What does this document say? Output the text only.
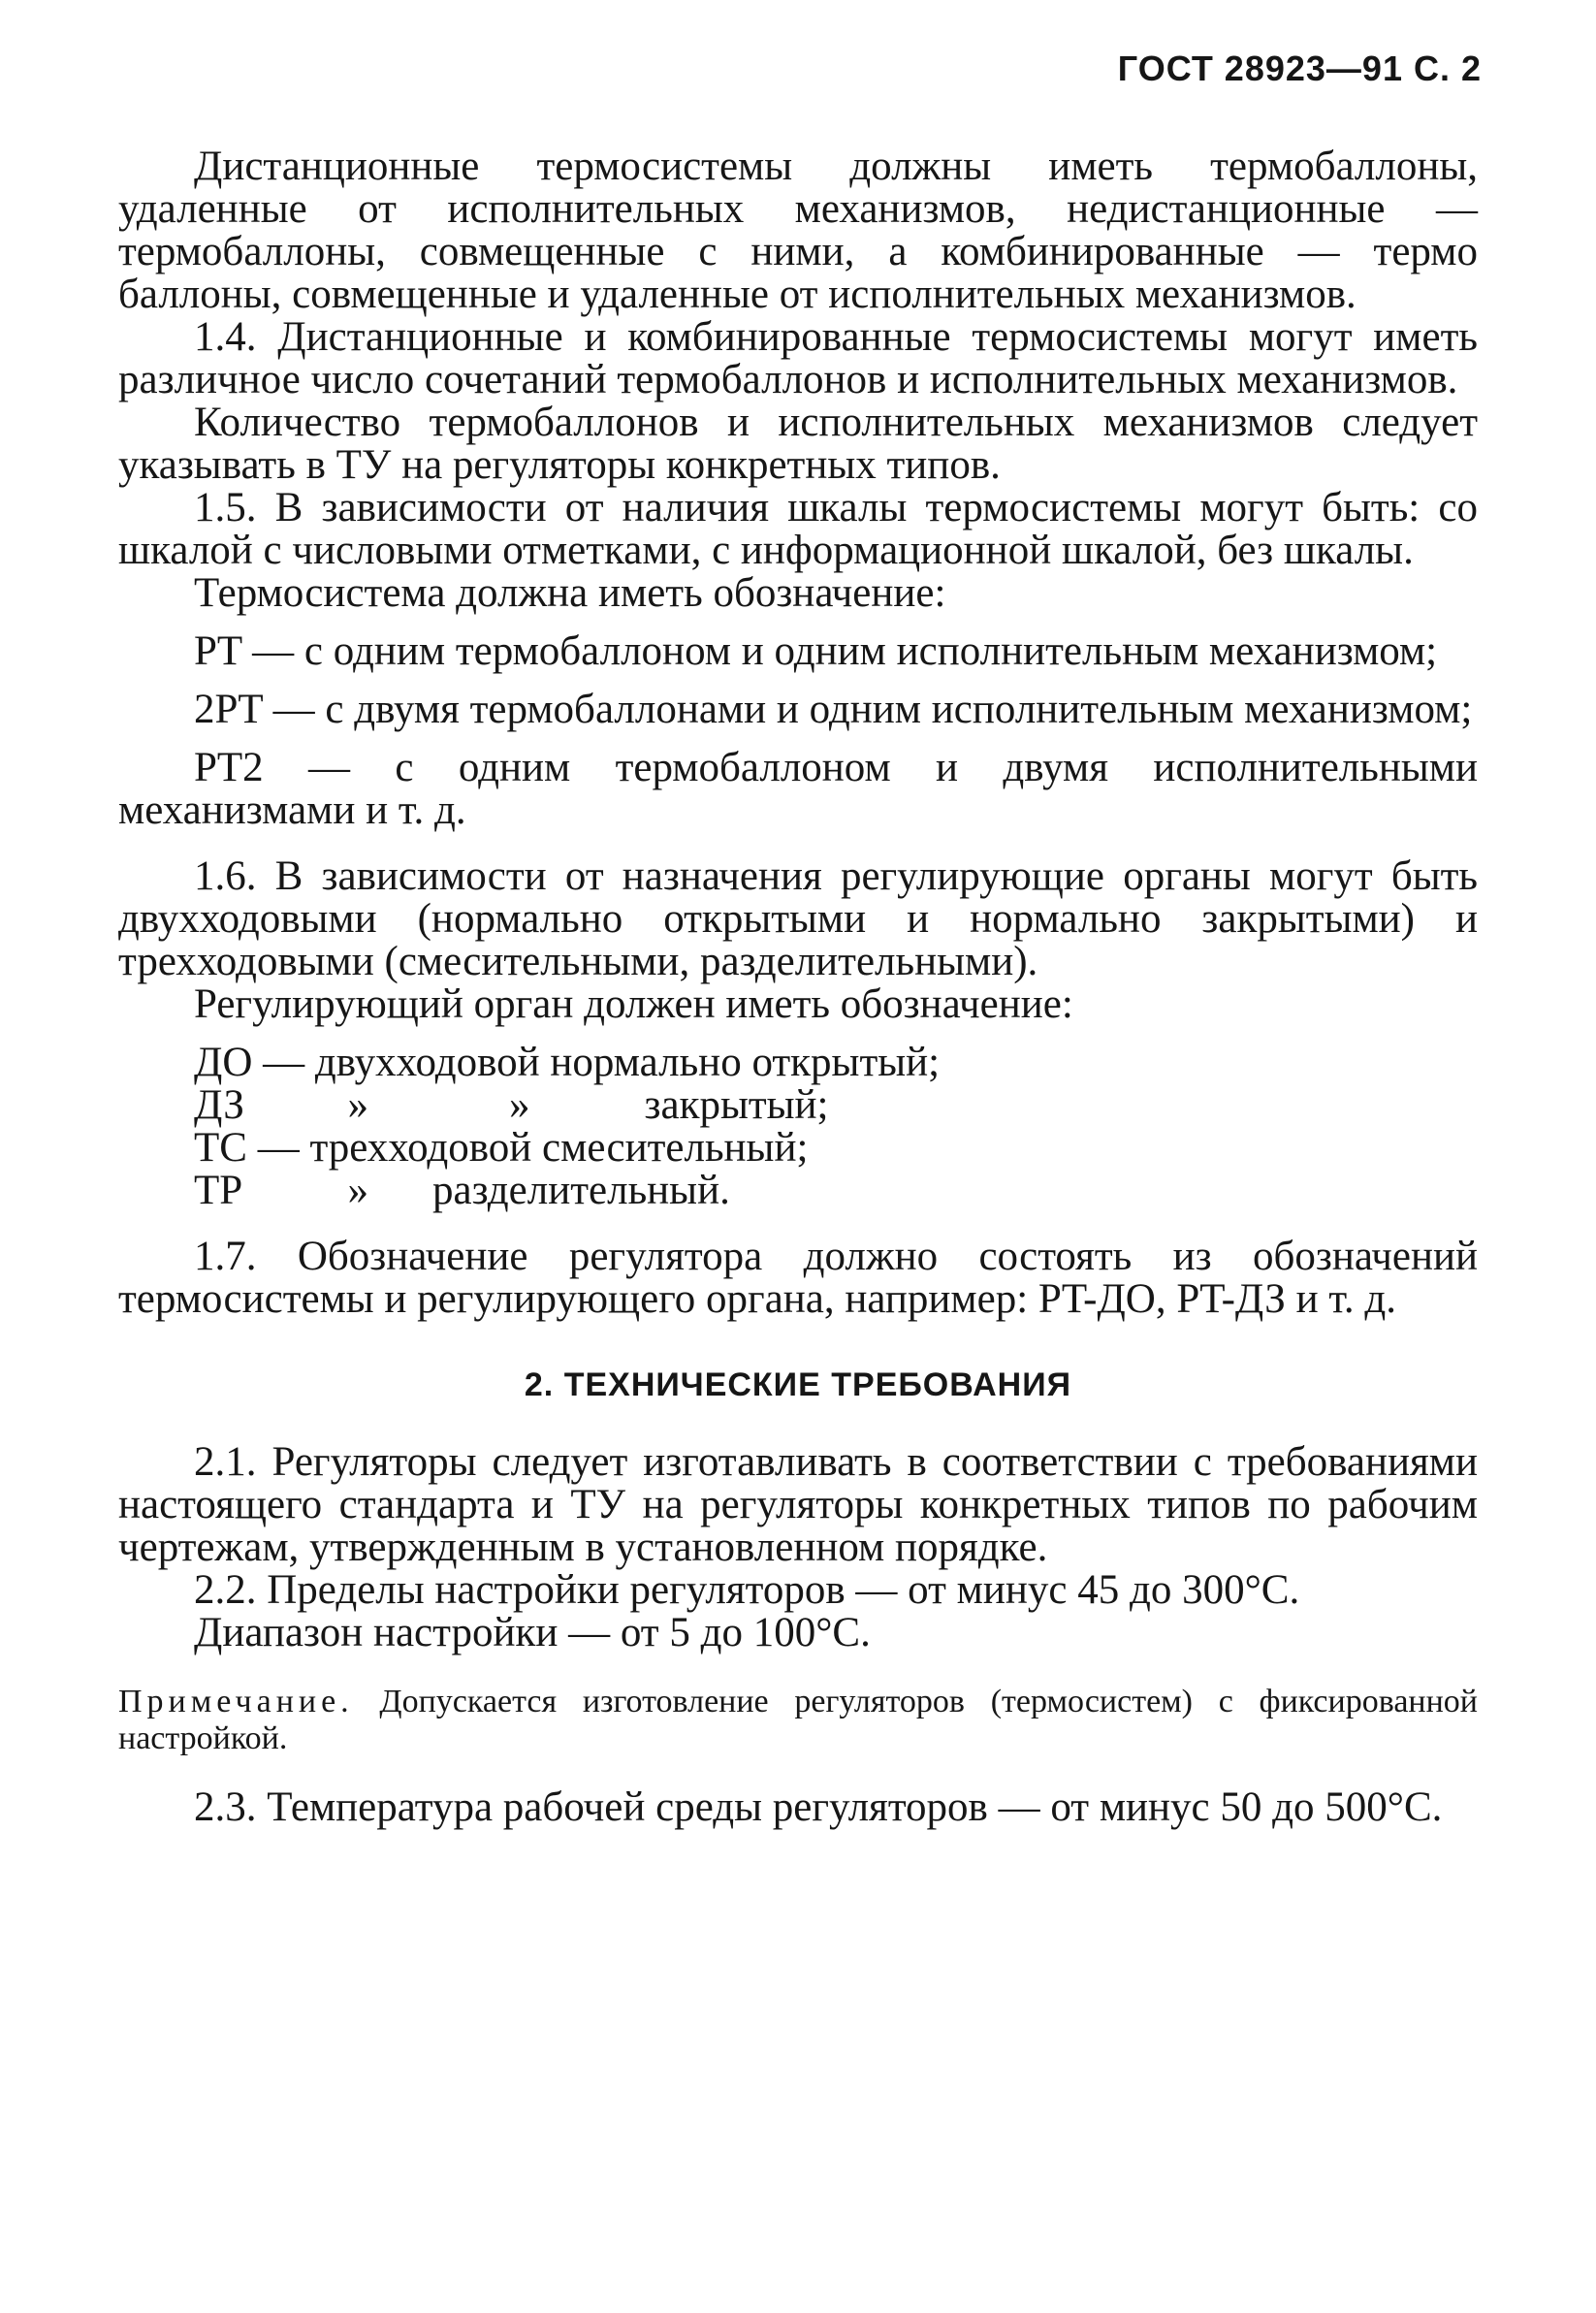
ГОСТ 28923—91 С. 2

Дистанционные термосистемы должны иметь термобаллоны, удаленные от исполнительных механизмов, недистанционные — термобаллоны, совмещенные с ними, а комбинированные — термо баллоны, совмещенные и удаленные от исполнительных механизмов.

1.4. Дистанционные и комбинированные термосистемы могут иметь различное число сочетаний термобаллонов и исполнительных механизмов.

Количество термобаллонов и исполнительных механизмов следует указывать в ТУ на регуляторы конкретных типов.

1.5. В зависимости от наличия шкалы термосистемы могут быть: со шкалой с числовыми отметками, с информационной шкалой, без шкалы.

Термосистема должна иметь обозначение:

PT — с одним термобаллоном и одним исполнительным механизмом;

2PT — с двумя термобаллонами и одним исполнительным механизмом;

PT2 — с одним термобаллоном и двумя исполнительными механизмами и т. д.

1.6. В зависимости от назначения регулирующие органы могут быть двухходовыми (нормально открытыми и нормально закрытыми) и трехходовыми (смесительными, разделительными).

Регулирующий орган должен иметь обозначение:

ДО — двухходовой нормально открытый;
ДЗ	»	»	закрытый;
ТС — трехходовой смесительный;
ТР	» разделительный.

1.7. Обозначение регулятора должно состоять из обозначений термосистемы и регулирующего органа, например: PT-ДО, PT-ДЗ и т. д.

2. ТЕХНИЧЕСКИЕ ТРЕБОВАНИЯ

2.1. Регуляторы следует изготавливать в соответствии с требованиями настоящего стандарта и ТУ на регуляторы конкретных типов по рабочим чертежам, утвержденным в установленном порядке.

2.2. Пределы настройки регуляторов — от минус 45 до 300°С.

Диапазон настройки — от 5 до 100°С.

Примечание. Допускается изготовление регуляторов (термосистем) с фиксированной настройкой.

2.3. Температура рабочей среды регуляторов — от минус 50 до 500°С.
